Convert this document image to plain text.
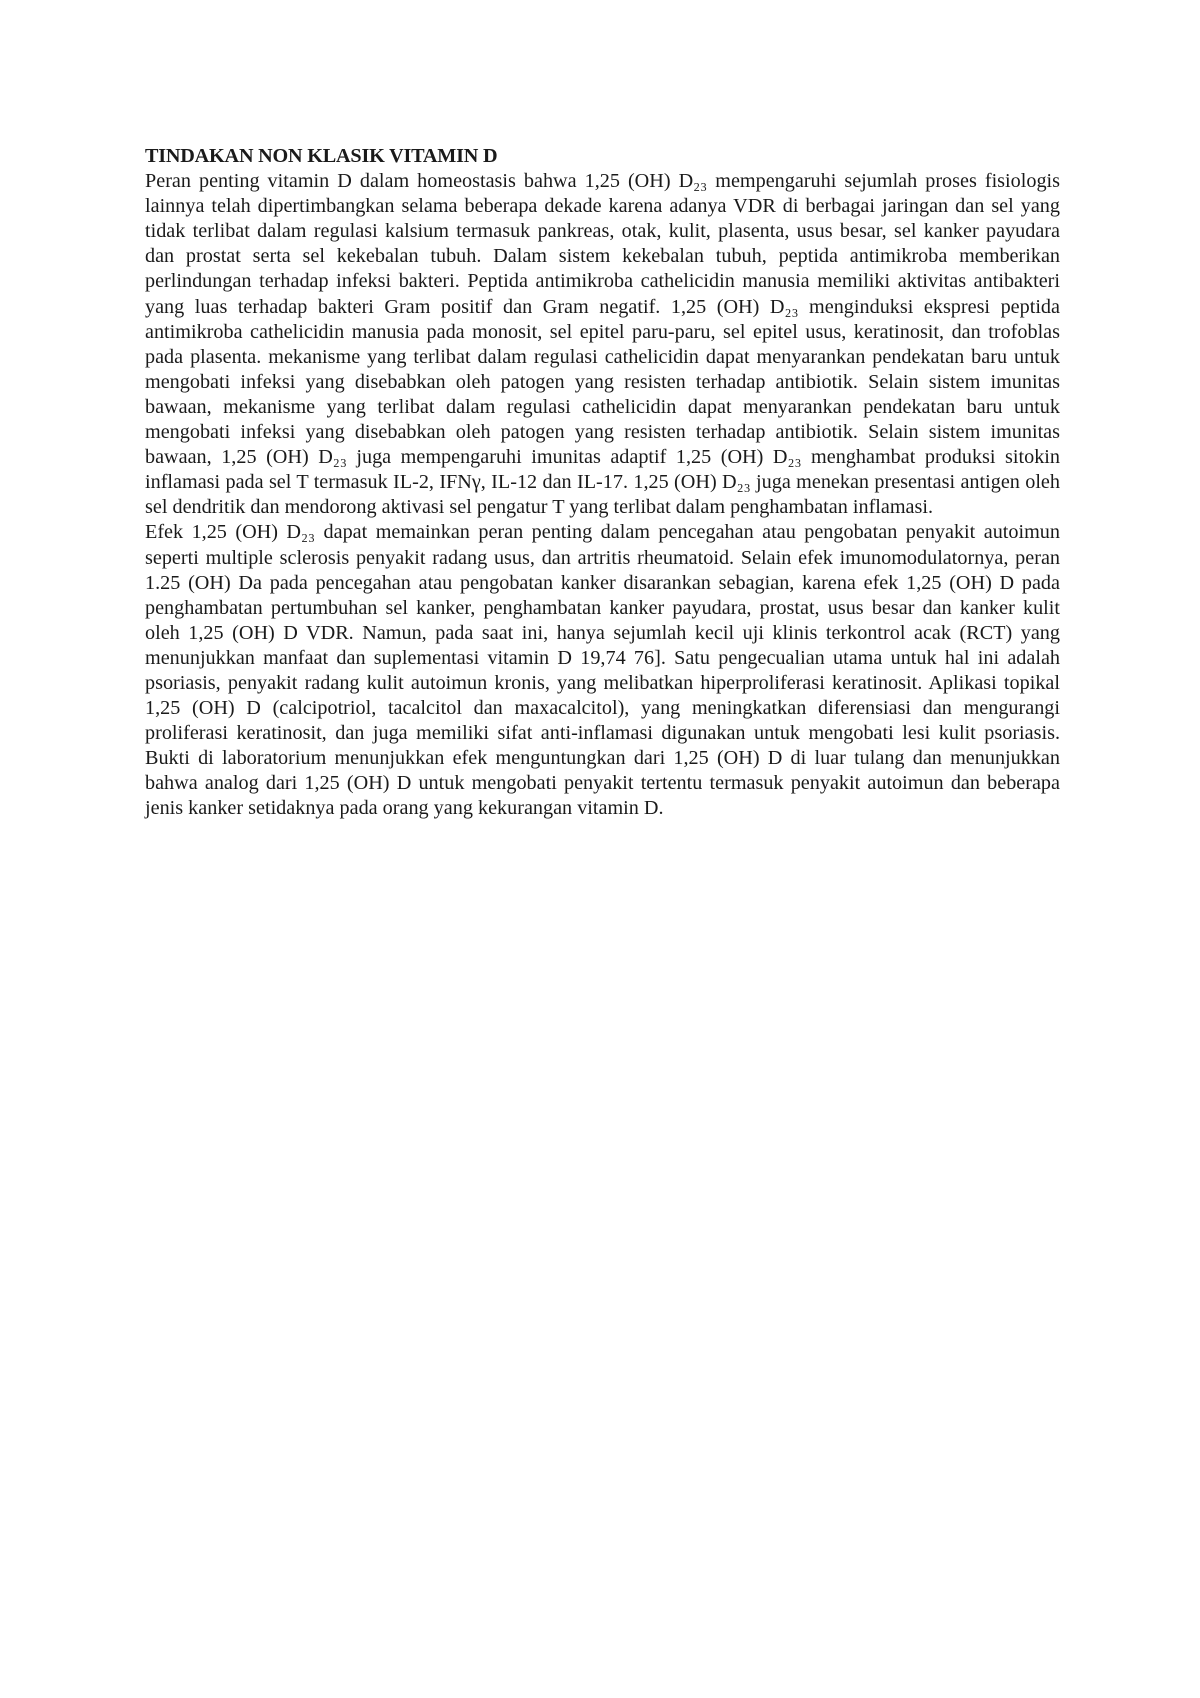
TINDAKAN NON KLASIK VITAMIN D

Peran penting vitamin D dalam homeostasis bahwa 1,25 (OH) D₂₃ mempengaruhi sejumlah proses fisiologis lainnya telah dipertimbangkan selama beberapa dekade karena adanya VDR di berbagai jaringan dan sel yang tidak terlibat dalam regulasi kalsium termasuk pankreas, otak, kulit, plasenta, usus besar, sel kanker payudara dan prostat serta sel kekebalan tubuh. Dalam sistem kekebalan tubuh, peptida antimikroba memberikan perlindungan terhadap infeksi bakteri. Peptida antimikroba cathelicidin manusia memiliki aktivitas antibakteri yang luas terhadap bakteri Gram positif dan Gram negatif. 1,25 (OH) D₂₃ menginduksi ekspresi peptida antimikroba cathelicidin manusia pada monosit, sel epitel paru-paru, sel epitel usus, keratinosit, dan trofoblas pada plasenta. mekanisme yang terlibat dalam regulasi cathelicidin dapat menyarankan pendekatan baru untuk mengobati infeksi yang disebabkan oleh patogen yang resisten terhadap antibiotik. Selain sistem imunitas bawaan, mekanisme yang terlibat dalam regulasi cathelicidin dapat menyarankan pendekatan baru untuk mengobati infeksi yang disebabkan oleh patogen yang resisten terhadap antibiotik. Selain sistem imunitas bawaan, 1,25 (OH) D₂₃ juga mempengaruhi imunitas adaptif 1,25 (OH) D₂₃ menghambat produksi sitokin inflamasi pada sel T termasuk IL-2, IFNγ, IL-12 dan IL-17. 1,25 (OH) D₂₃ juga menekan presentasi antigen oleh sel dendritik dan mendorong aktivasi sel pengatur T yang terlibat dalam penghambatan inflamasi.

Efek 1,25 (OH) D₂₃ dapat memainkan peran penting dalam pencegahan atau pengobatan penyakit autoimun seperti multiple sclerosis penyakit radang usus, dan artritis rheumatoid. Selain efek imunomodulatornya, peran 1.25 (OH) Da pada pencegahan atau pengobatan kanker disarankan sebagian, karena efek 1,25 (OH) D pada penghambatan pertumbuhan sel kanker, penghambatan kanker payudara, prostat, usus besar dan kanker kulit oleh 1,25 (OH) D VDR. Namun, pada saat ini, hanya sejumlah kecil uji klinis terkontrol acak (RCT) yang menunjukkan manfaat dan suplementasi vitamin D 19,74 76]. Satu pengecualian utama untuk hal ini adalah psoriasis, penyakit radang kulit autoimun kronis, yang melibatkan hiperproliferasi keratinosit. Aplikasi topikal 1,25 (OH) D (calcipotriol, tacalcitol dan maxacalcitol), yang meningkatkan diferensiasi dan mengurangi proliferasi keratinosit, dan juga memiliki sifat anti-inflamasi digunakan untuk mengobati lesi kulit psoriasis. Bukti di laboratorium menunjukkan efek menguntungkan dari 1,25 (OH) D di luar tulang dan menunjukkan bahwa analog dari 1,25 (OH) D untuk mengobati penyakit tertentu termasuk penyakit autoimun dan beberapa jenis kanker setidaknya pada orang yang kekurangan vitamin D.
